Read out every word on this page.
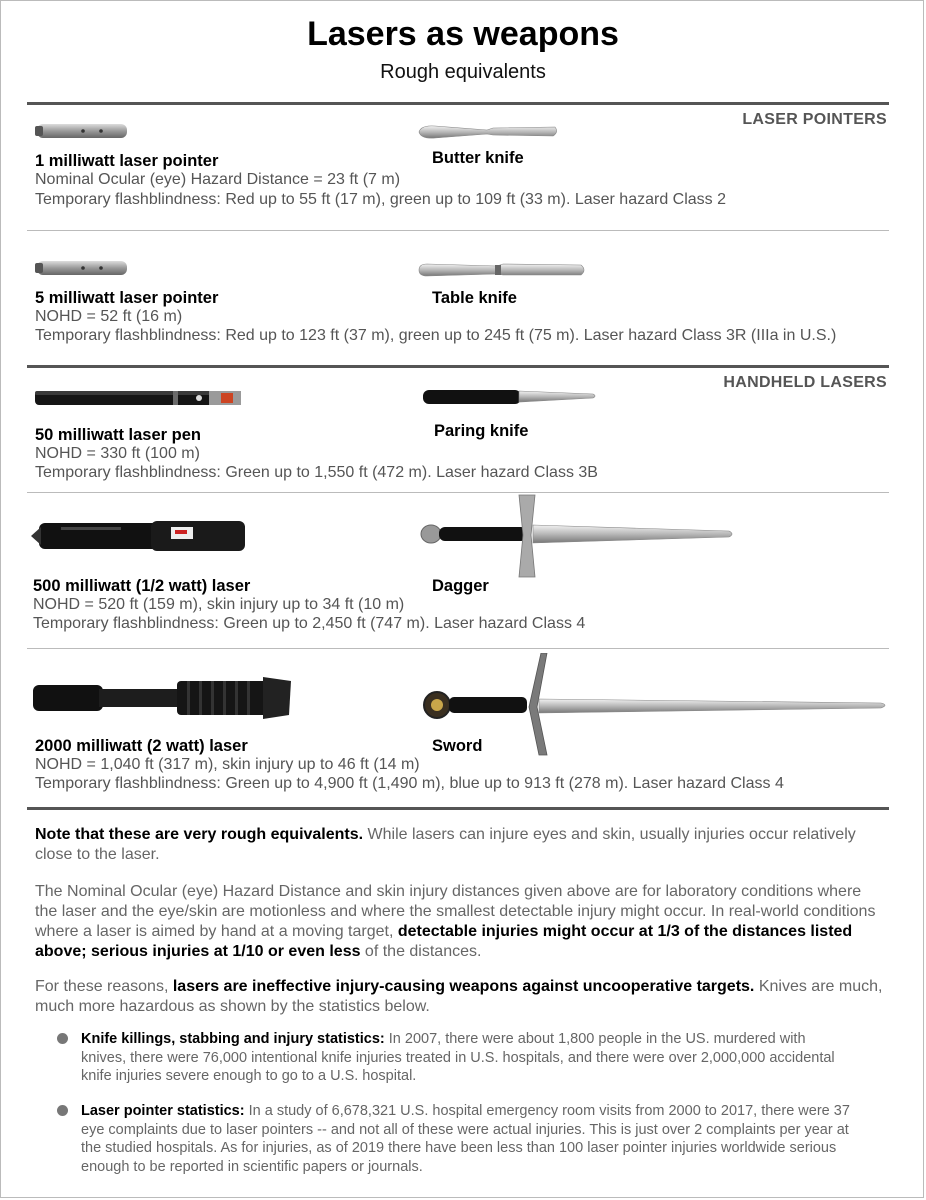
Lasers as weapons
Rough equivalents
LASER POINTERS
1 milliwatt laser pointer
Nominal Ocular (eye) Hazard Distance = 23 ft (7 m)
Temporary flashblindness: Red up to 55 ft (17 m), green up to 109 ft (33 m). Laser hazard Class 2
Butter knife
5 milliwatt laser pointer
NOHD = 52 ft (16 m)
Temporary flashblindness: Red up to 123 ft (37 m), green up to 245 ft (75 m). Laser hazard Class 3R (IIIa in U.S.)
Table knife
HANDHELD LASERS
50 milliwatt laser pen
NOHD = 330 ft (100 m)
Temporary flashblindness: Green up to 1,550 ft (472 m). Laser hazard Class 3B
Paring knife
500 milliwatt (1/2 watt) laser
NOHD = 520 ft (159 m), skin injury up to 34 ft (10 m)
Temporary flashblindness: Green up to 2,450 ft (747 m). Laser hazard Class 4
Dagger
2000 milliwatt (2 watt) laser
NOHD = 1,040 ft (317 m), skin injury up to 46 ft (14 m)
Temporary flashblindness: Green up to 4,900 ft (1,490 m), blue up to 913 ft (278 m). Laser hazard Class 4
Sword
Note that these are very rough equivalents. While lasers can injure eyes and skin, usually injuries occur relatively close to the laser.
The Nominal Ocular (eye) Hazard Distance and skin injury distances given above are for laboratory conditions where the laser and the eye/skin are motionless and where the smallest detectable injury might occur. In real-world conditions where a laser is aimed by hand at a moving target, detectable injuries might occur at 1/3 of the distances listed above; serious injuries at 1/10 or even less of the distances.
For these reasons, lasers are ineffective injury-causing weapons against uncooperative targets. Knives are much, much more hazardous as shown by the statistics below.
Knife killings, stabbing and injury statistics: In 2007, there were about 1,800 people in the US. murdered with knives, there were 76,000 intentional knife injuries treated in U.S. hospitals, and there were over 2,000,000 accidental knife injuries severe enough to go to a U.S. hospital.
Laser pointer statistics: In a study of 6,678,321 U.S. hospital emergency room visits from 2000 to 2017, there were 37 eye complaints due to laser pointers -- and not all of these were actual injuries. This is just over 2 complaints per year at the studied hospitals. As for injuries, as of 2019 there have been less than 100 laser pointer injuries worldwide serious enough to be reported in scientific papers or journals.
